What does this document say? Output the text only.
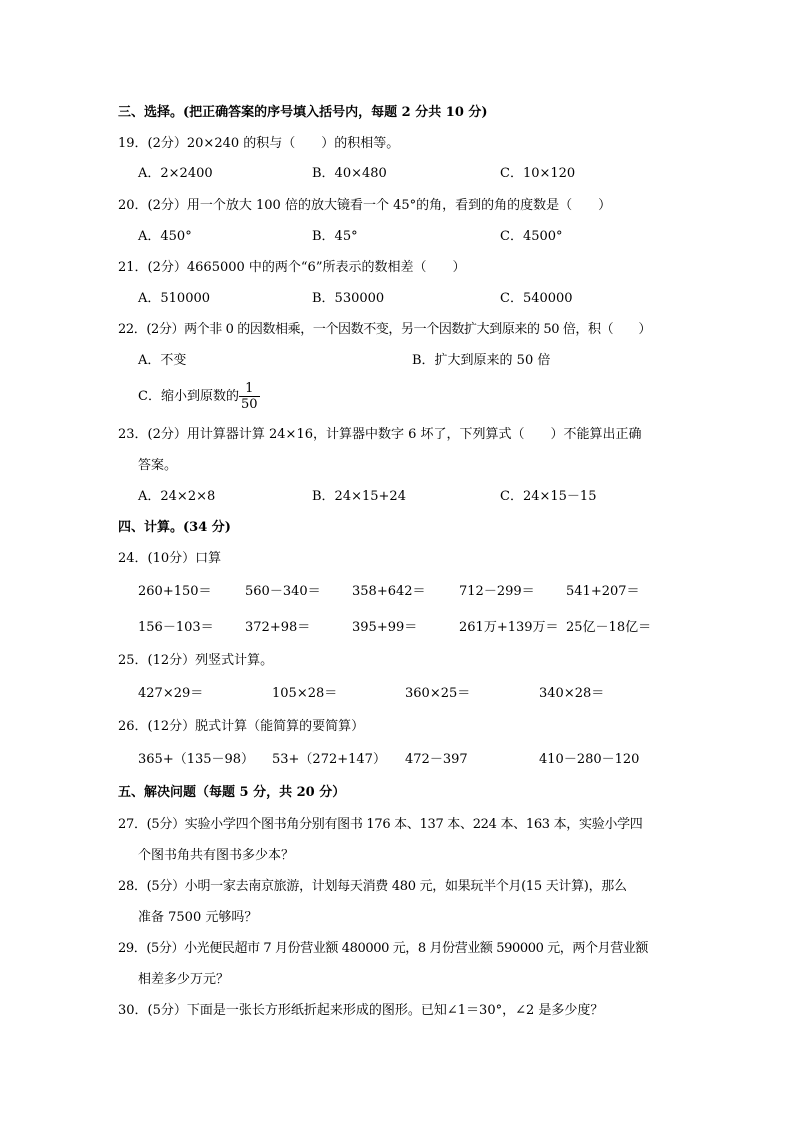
三、选择。(把正确答案的序号填入括号内，每题 2 分共 10 分)
19．(2分）20×240 的积与（　　）的积相等。
A．2×2400	B．40×480	C．10×120
20．(2分）用一个放大 100 倍的放大镜看一个 45°的角，看到的角的度数是（　　）
A．450°	B．45°	C．4500°
21．(2分）4665000 中的两个“6”所表示的数相差（　　）
A．510000	B．530000	C．540000
22．(2分）两个非 0 的因数相乘，一个因数不变，另一个因数扩大到原来的 50 倍，积（　　）
A．不变	B．扩大到原来的 50 倍
C．缩小到原数的 $\frac{1}{50}$
23．(2分）用计算器计算 24×16，计算器中数字 6 坏了，下列算式（　　）不能算出正确
答案。
A．24×2×8	B．24×15+24	C．24×15－15
四、计算。(34 分)
24．(10分）口算
260+150＝	560－340＝ 358+642＝	712－299＝ 541+207＝
156－103＝ 372+98＝	395+99＝	261万+139万＝ 25亿－18亿＝
25．(12分）列竖式计算。
427×29＝	105×28＝	360×25＝	340×28＝
26．(12分）脱式计算（能简算的要简算）
365+（135－98） 53+（272+147） 472－397	410－280－120
五、解决问题（每题 5 分，共 20 分）
27．(5分）实验小学四个图书角分别有图书 176 本、137 本、224 本、163 本，实验小学四
个图书角共有图书多少本？
28．(5分）小明一家去南京旅游，计划每天消费 480 元，如果玩半个月(15 天计算)，那么
准备 7500 元够吗？
29．(5分）小光便民超市 7 月份营业额 480000 元，8 月份营业额 590000 元，两个月营业额
相差多少万元？
30．(5分）下面是一张长方形纸折起来形成的图形。已知∠1＝30°，∠2 是多少度？
